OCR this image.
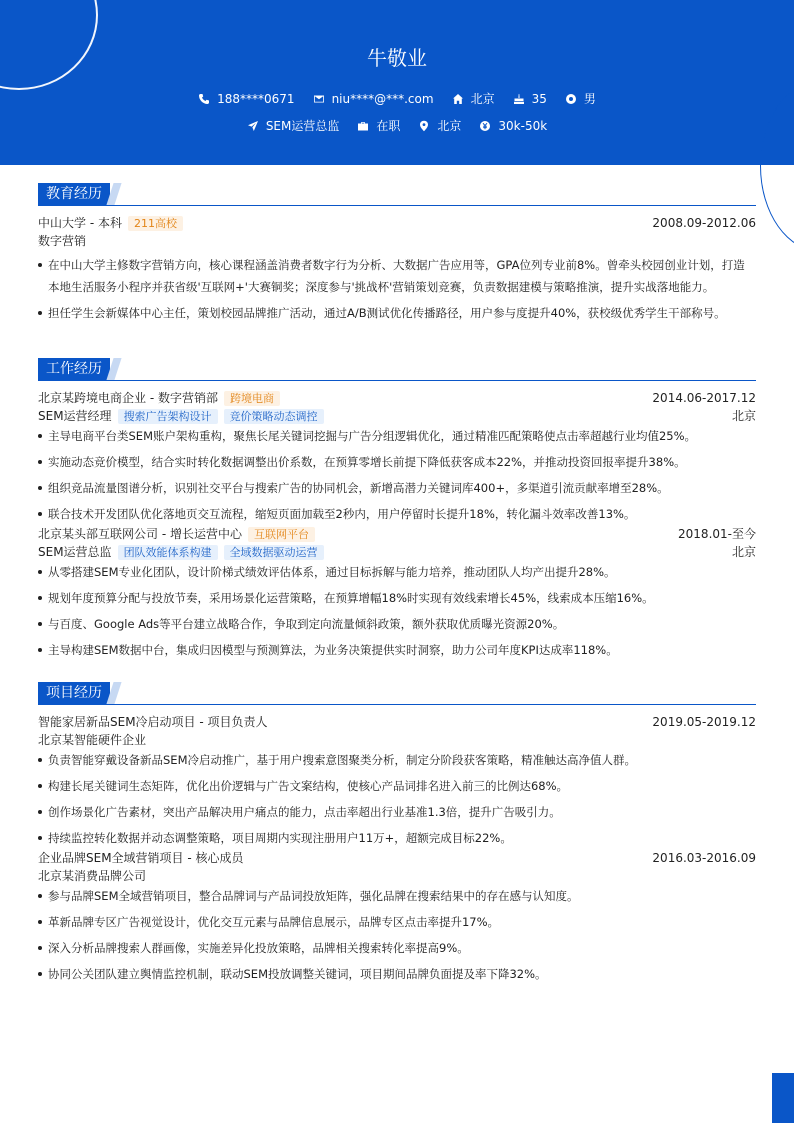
牛敬业
188****0671	niu****@***.com	北京	35	男
SEM运营总监	在职	北京	30k-50k
教育经历
中山大学 - 本科	211高校	2008.09-2012.06
数字营销
在中山大学主修数字营销方向，核心课程涵盖消费者数字行为分析、大数据广告应用等，GPA位列专业前8%。曾牵头校园创业计划，打造本地生活服务小程序并获省级'互联网+'大赛铜奖；深度参与'挑战杯'营销策划竞赛，负责数据建模与策略推演，提升实战落地能力。
担任学生会新媒体中心主任，策划校园品牌推广活动，通过A/B测试优化传播路径，用户参与度提升40%，获校级优秀学生干部称号。
工作经历
北京某跨境电商企业 - 数字营销部	跨境电商	2014.06-2017.12
SEM运营经理	搜索广告架构设计	竞价策略动态调控	北京
主导电商平台类SEM账户架构重构，聚焦长尾关键词挖掘与广告分组逻辑优化，通过精准匹配策略使点击率超越行业均值25%。
实施动态竞价模型，结合实时转化数据调整出价系数，在预算零增长前提下降低获客成本22%，并推动投资回报率提升38%。
组织竞品流量图谱分析，识别社交平台与搜索广告的协同机会，新增高潜力关键词库400+，多渠道引流贡献率增至28%。
联合技术开发团队优化落地页交互流程，缩短页面加载至2秒内，用户停留时长提升18%，转化漏斗效率改善13%。
北京某头部互联网公司 - 增长运营中心	互联网平台	2018.01-至今
SEM运营总监	团队效能体系构建	全域数据驱动运营	北京
从零搭建SEM专业化团队，设计阶梯式绩效评估体系，通过目标拆解与能力培养，推动团队人均产出提升28%。
规划年度预算分配与投放节奏，采用场景化运营策略，在预算增幅18%时实现有效线索增长45%，线索成本压缩16%。
与百度、Google Ads等平台建立战略合作，争取到定向流量倾斜政策，额外获取优质曝光资源20%。
主导构建SEM数据中台，集成归因模型与预测算法，为业务决策提供实时洞察，助力公司年度KPI达成率118%。
项目经历
智能家居新品SEM冷启动项目 - 项目负责人	2019.05-2019.12
北京某智能硬件企业
负责智能穿戴设备新品SEM冷启动推广，基于用户搜索意图聚类分析，制定分阶段获客策略，精准触达高净值人群。
构建长尾关键词生态矩阵，优化出价逻辑与广告文案结构，使核心产品词排名进入前三的比例达68%。
创作场景化广告素材，突出产品解决用户痛点的能力，点击率超出行业基准1.3倍，提升广告吸引力。
持续监控转化数据并动态调整策略，项目周期内实现注册用户11万+，超额完成目标22%。
企业品牌SEM全域营销项目 - 核心成员	2016.03-2016.09
北京某消费品牌公司
参与品牌SEM全域营销项目，整合品牌词与产品词投放矩阵，强化品牌在搜索结果中的存在感与认知度。
革新品牌专区广告视觉设计，优化交互元素与品牌信息展示，品牌专区点击率提升17%。
深入分析品牌搜索人群画像，实施差异化投放策略，品牌相关搜索转化率提高9%。
协同公关团队建立舆情监控机制，联动SEM投放调整关键词，项目期间品牌负面提及率下降32%。
